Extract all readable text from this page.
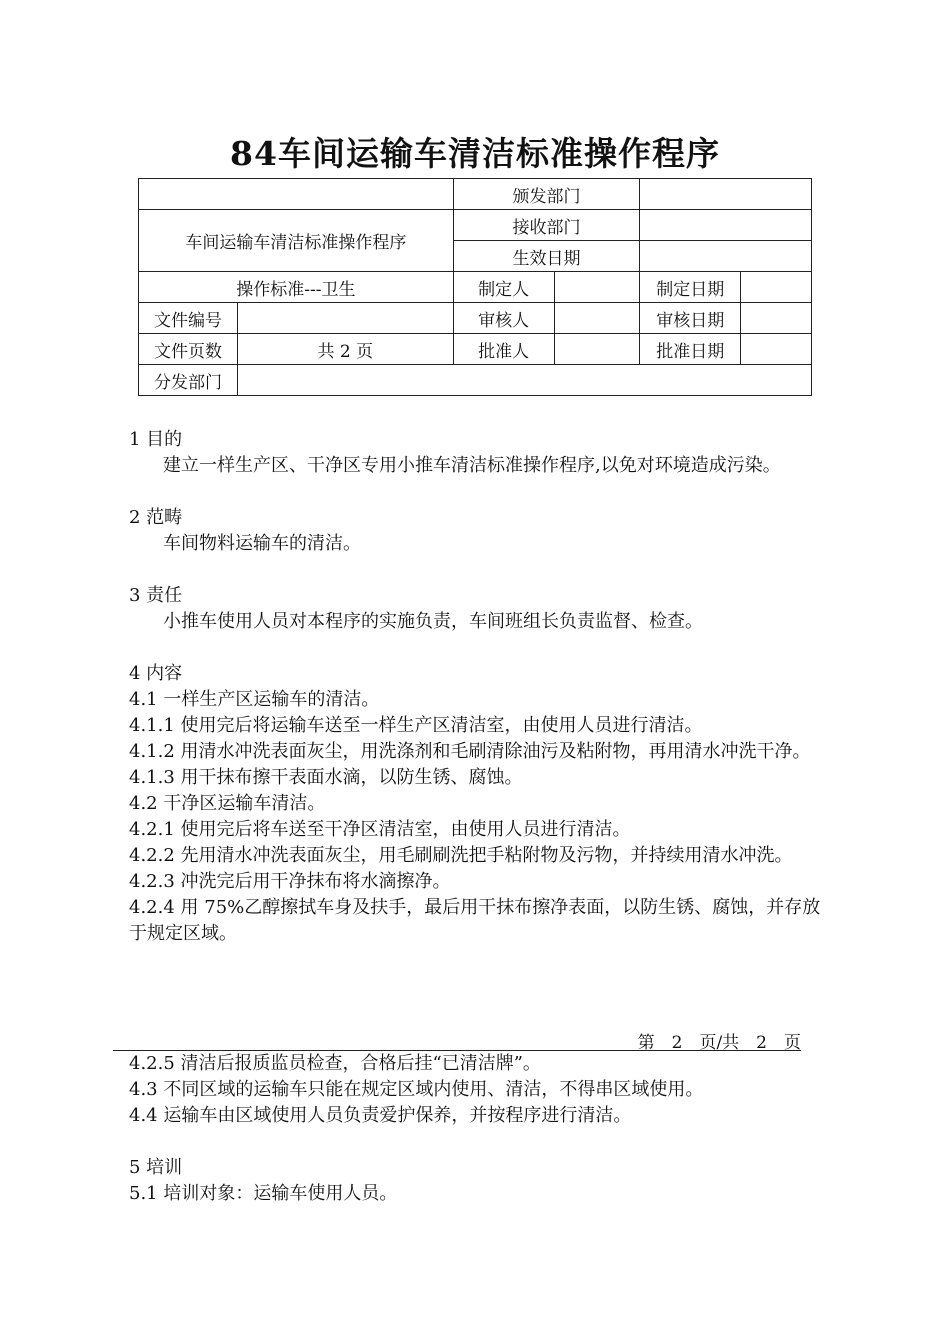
84车间运输车清洁标准操作程序
		颁发部门			
车间运输车清洁标准操作程序		接收部门			
		生效日期			
操作标准---卫生		制定人		制定日期	
文件编号		审核人		审核日期	
文件页数	共 2 页	批准人		批准日期	
分发部门					

1 目的

建立一样生产区、干净区专用小推车清洁标准操作程序,以免对环境造成污染。

2 范畴

车间物料运输车的清洁。

3 责任

小推车使用人员对本程序的实施负责，车间班组长负责监督、检查。

4 内容

4.1 一样生产区运输车的清洁。

4.1.1 使用完后将运输车送至一样生产区清洁室，由使用人员进行清洁。

4.1.2 用清水冲洗表面灰尘，用洗涤剂和毛刷清除油污及粘附物，再用清水冲洗干净。

4.1.3 用干抹布擦干表面水滴，以防生锈、腐蚀。

4.2 干净区运输车清洁。

4.2.1 使用完后将车送至干净区清洁室，由使用人员进行清洁。

4.2.2 先用清水冲洗表面灰尘，用毛刷刷洗把手粘附物及污物，并持续用清水冲洗。

4.2.3 冲洗完后用干净抹布将水滴擦净。

4.2.4 用 75%乙醇擦拭车身及扶手，最后用干抹布擦净表面，以防生锈、腐蚀，并存放于规定区域。

第　2　页/共　2　页

4.2.5 清洁后报质监员检查，合格后挂“已清洁牌”。

4.3 不同区域的运输车只能在规定区域内使用、清洁，不得串区域使用。

4.4 运输车由区域使用人员负责爱护保养，并按程序进行清洁。

5 培训

5.1 培训对象：运输车使用人员。
